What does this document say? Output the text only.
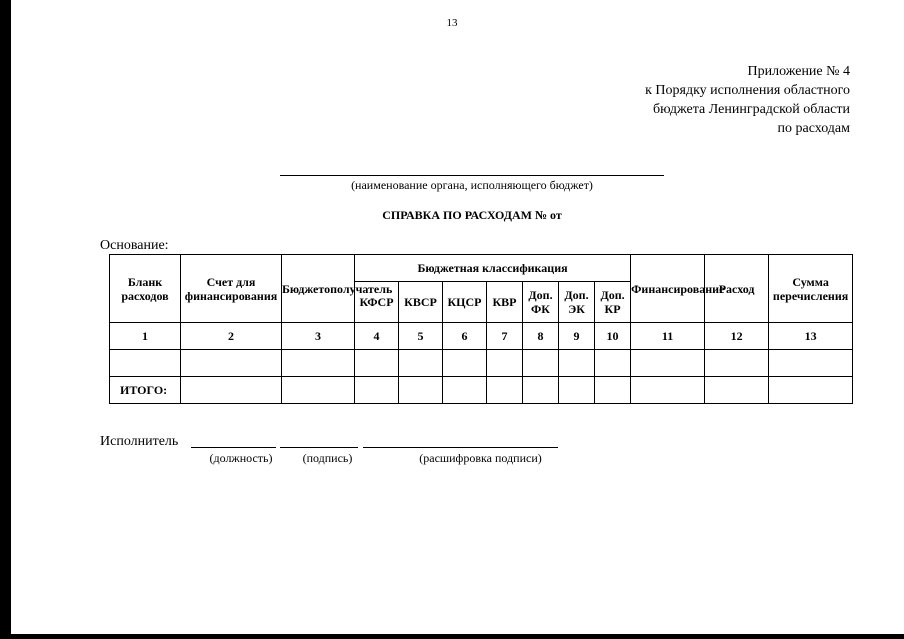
13
Приложение № 4
к Порядку исполнения областного
бюджета Ленинградской области
по расходам
(наименование органа, исполняющего бюджет)
СПРАВКА ПО РАСХОДАМ № от
Основание:
Бланк расходов	Счет для финансирования	Бюджетополучатель	Бюджетная классификация							Финансирование	Расход	Сумма перечисления
			КФСР	КВСР	КЦСР	КВР	Доп. ФК	Доп. ЭК	Доп. КР			
1	2	3	4	5	6	7	8	9	10	11	12	13

ИТОГО:												
Исполнитель
(должность)	(подпись)	(расшифровка подписи)
